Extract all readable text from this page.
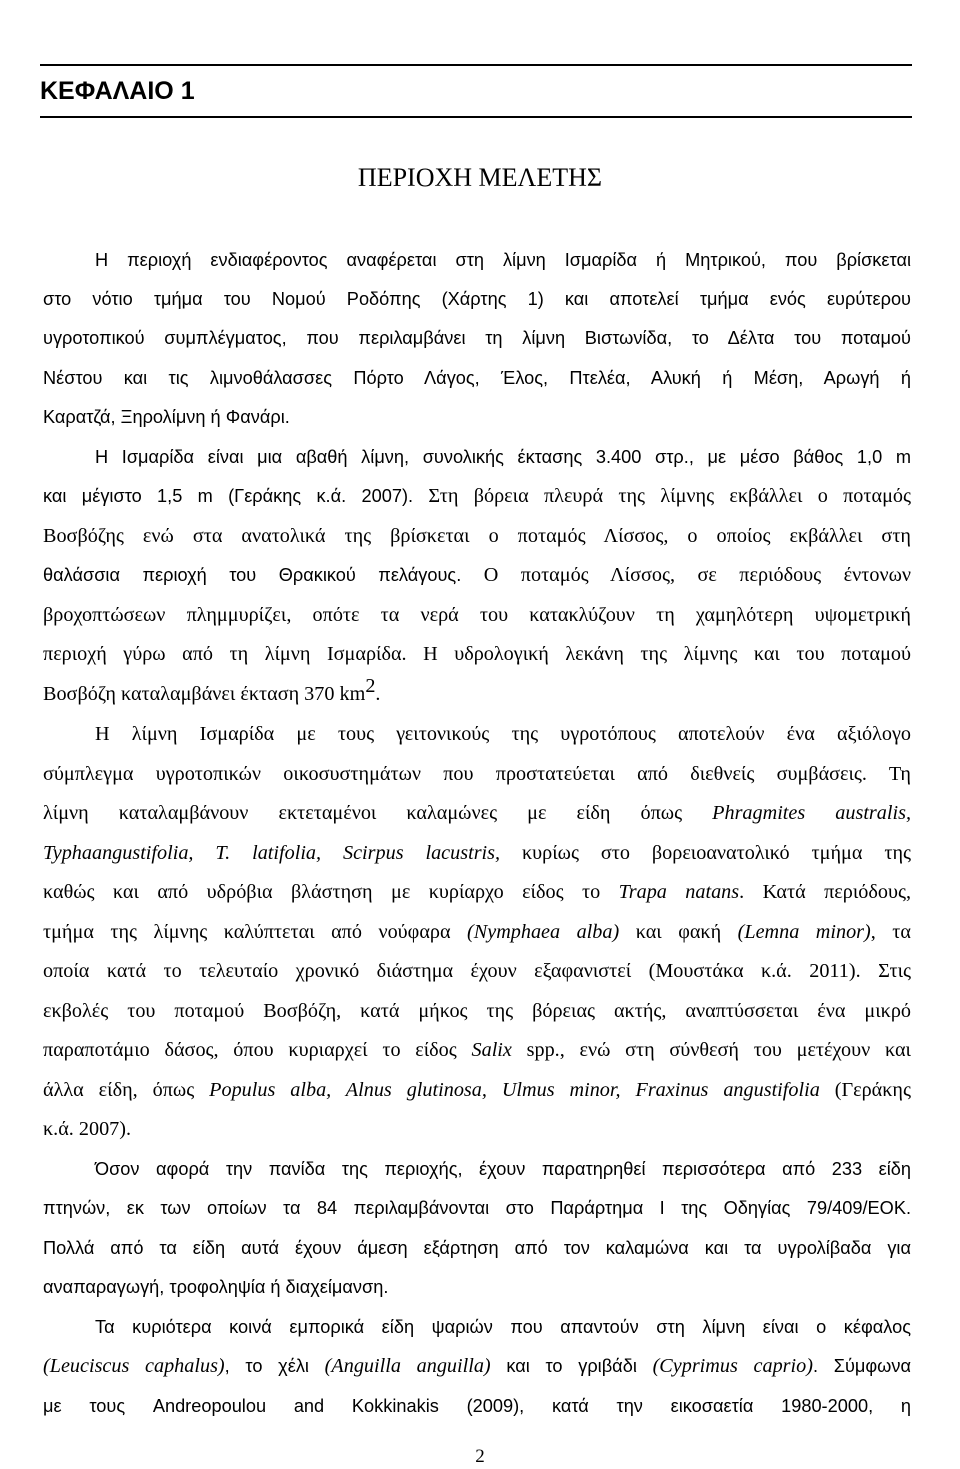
ΚΕΦΑΛΑΙΟ 1
ΠΕΡΙΟΧΗ ΜΕΛΕΤΗΣ
Η περιοχή ενδιαφέροντος αναφέρεται στη λίμνη Ισμαρίδα ή Μητρικού, που βρίσκεται
στο νότιο τμήμα του Νομού Ροδόπης (Χάρτης 1) και αποτελεί τμήμα ενός ευρύτερου
υγροτοπικού συμπλέγματος, που περιλαμβάνει τη λίμνη Βιστωνίδα, το Δέλτα του ποταμού
Νέστου και τις λιμνοθάλασσες Πόρτο Λάγος, Έλος, Πτελέα, Αλυκή ή Μέση, Αρωγή ή
Καρατζά, Ξηρολίμνη ή Φανάρι.
Η Ισμαρίδα είναι μια αβαθή λίμνη, συνολικής έκτασης 3.400 στρ., με μέσο βάθος 1,0 m
και μέγιστο 1,5 m (Γεράκης κ.ά. 2007). Στη βόρεια πλευρά της λίμνης εκβάλλει ο ποταμός
Βοσβόζης ενώ στα ανατολικά της βρίσκεται ο ποταμός Λίσσος, ο οποίος εκβάλλει στη
θαλάσσια περιοχή του Θρακικού πελάγους. Ο ποταμός Λίσσος, σε περιόδους έντονων
βροχοπτώσεων πλημμυρίζει, οπότε τα νερά του κατακλύζουν τη χαμηλότερη υψομετρική
περιοχή γύρω από τη λίμνη Ισμαρίδα. Η υδρολογική λεκάνη της λίμνης και του ποταμού
Βοσβόζη καταλαμβάνει έκταση 370 $km^2$.
Η λίμνη Ισμαρίδα με τους γειτονικούς της υγροτόπους αποτελούν ένα αξιόλογο
σύμπλεγμα υγροτοπικών οικοσυστημάτων που προστατεύεται από διεθνείς συμβάσεις. Τη
λίμνη καταλαμβάνουν εκτεταμένοι καλαμώνες με είδη όπως Phragmites australis,
Typhaangustifolia, T. latifolia, Scirpus lacustris, κυρίως στο βορειοανατολικό τμήμα της
καθώς και από υδρόβια βλάστηση με κυρίαρχο είδος το Trapa natans. Κατά περιόδους,
τμήμα της λίμνης καλύπτεται από νούφαρα (Nymphaea alba) και φακή (Lemna minor), τα
οποία κατά το τελευταίο χρονικό διάστημα έχουν εξαφανιστεί (Μουστάκα κ.ά. 2011). Στις
εκβολές του ποταμού Βοσβόζη, κατά μήκος της βόρειας ακτής, αναπτύσσεται ένα μικρό
παραποτάμιο δάσος, όπου κυριαρχεί το είδος Salix spp., ενώ στη σύνθεσή του μετέχουν και
άλλα είδη, όπως Populus alba, Alnus glutinosa, Ulmus minor, Fraxinus angustifolia (Γεράκης
κ.ά. 2007).
Όσον αφορά την πανίδα της περιοχής, έχουν παρατηρηθεί περισσότερα από 233 είδη
πτηνών, εκ των οποίων τα 84 περιλαμβάνονται στο Παράρτημα Ι της Οδηγίας 79/409/ΕΟΚ.
Πολλά από τα είδη αυτά έχουν άμεση εξάρτηση από τον καλαμώνα και τα υγρολίβαδα για
αναπαραγωγή, τροφοληψία ή διαχείμανση.
Τα κυριότερα κοινά εμπορικά είδη ψαριών που απαντούν στη λίμνη είναι ο κέφαλος
(Leuciscus caphalus), το χέλι (Anguilla anguilla) και το γριβάδι (Cyprimus caprio). Σύμφωνα
με τους Andreopoulou and Kokkinakis (2009), κατά την εικοσαετία 1980-2000, η
2
